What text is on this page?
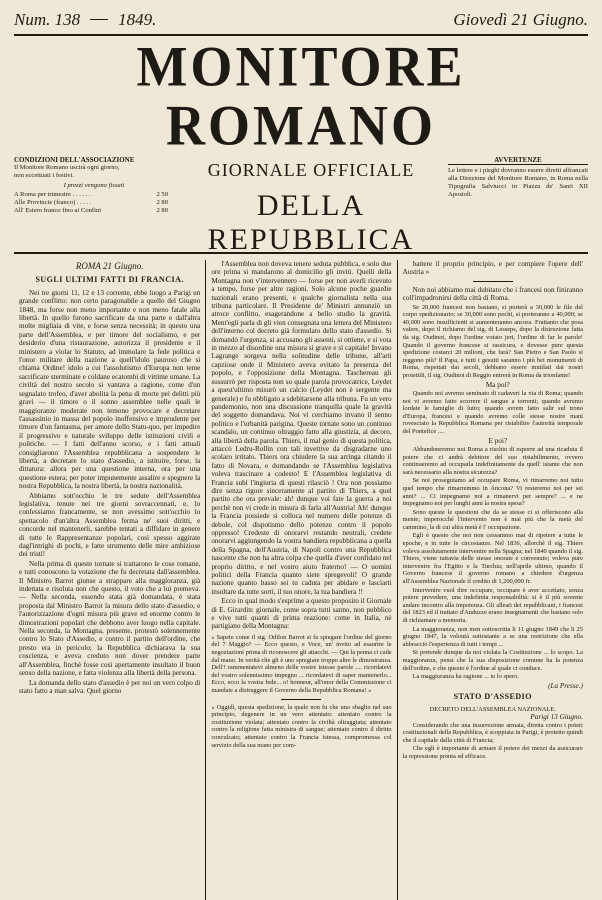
Num. 138 1849.	Giovedì 21 Giugno.
MONITORE ROMANO
CONDIZIONI DELL'ASSOCIAZIONE
Il Monitore Romano uscirà ogni giorno,
non eccettuati i festivi.
I prezzi vengono fissati
A Roma per trimestre . . . . . .	2 50
Alle Provincie (franco) . . . . .	2 80
All' Estero franco fino ai Confini	2 80
GIORNALE OFFICIALE
DELLA REPUBBLICA
AVVERTENZE
Le lettere e i pieghi dovranno essere diretti affrancati alla Direzione del Monitore Romano, in Roma nella Tipografia Salviucci in Piazza de' Santi XII Apostoli.
ROMA 21 Giugno.
SUGLI ULTIMI FATTI DI FRANCIA.

Nei tre giorni 11, 12 e 13 corrente, ebbe luogo a Parigi un grande conflitto: non certo paragonabile a quello del Giugno 1848, ma forse non meno importante e non meno fatale alla libertà. In quello furono sacrificate da una parte e dall'altra molte migliaia di vite, e forse senza necessità; in questo una parte dell'Assemblea, e per timore del socialismo, e per desiderio d'una ristaurazione, autorizza il presidente e il ministero a violar lo Statuto, ad immolare la fede politica e l'onor militare della nazione a quell'idolo pauroso che si chiama Ordine! idolo a cui l'assolutismo d'Europa non teme sacrificare sterminate e coldane ecatombi di vittime umane. La civiltà del nostro secolo si vantava a ragione, come d'un segnalato trofeo, d'aver abolita la pena di morte pei delitti più gravi — il timore o il sonno assemblee nelle quali le maggioranze moderate non temono provocare e decretare l'assassinio in massa del popolo inoffensivo e imprudente per timore d'un fantasma, per amore dello Statu-quo, per impedire il progressivo e naturale sviluppo delle istituzioni civili e politiche. — I fatti dell'anno scorso, e i fatti attuali consigliarono l'Assemblea repubblicana a sospendere le libertà, a decretare lo stato d'assedio, a istituire, forse, la dittatura: allora per una questione interna, ora per una questione estera; per poter impunemente assalire e spegnere la nostra Repubblica, la nostra libertà, la nostra nazionalità.

Abbiamo sott'occhio le tre sedute dell'Assemblea legislativa, tenute nei tre giorni sovraccennati, e, lo confessiamo francamente, se non avessimo sott'occhio lo spettacolo d'un'altra Assemblea ferma ne' suoi diritti, e concorde nel mantenerli, sarebbe tentati a diffidare in genere di tutte le Rappresentanze popolari, così spesso aggirate dagl'intrighi di pochi, e fatte strumento delle mire ambiziose dei tristi!

Nella prima di queste tornate si trattarono le cose romane, e tutti conoscono la votazione che fu decretata dall'assemblea. Il Ministro Barrot giunse a strappare alla maggioranza, già indettata e risoluta non che questo, il voto che a lui premeva. — Nella seconda, essendo stata già domandata, è stata proposta dal Ministro Barrot la misura dello stato d'assedio, e l'autorizzazione d'ogni misura più grave ed enorme contro le dimostrazioni popolari che debbono aver luogo nella capitale. Nella seconda, la Montagna, presente, protestò solennemente contro lo Stato d'Assedio, e contro il partito dell'ordine, che presto era in pericolo; la Repubblica dichiarava la sua coscienza, e aveva creduto non dover prendere parte all'Assemblea, finchè fosse così apertamente insultato il buon senso della nazione, e fatta violenza alla libertà della persona.

La domanda dello stato d'assedio è per noi un vero colpo di stato fatto a man salva. Quel giorno

l'Assemblea non doveva tenere seduta pubblica, e solo due ore prima si mandarono al domicilio gli inviti. Quelli della Montagna non v'intervennero — forse per non averli ricevuto a tempo, forse per altre ragioni. Solo alcune poche guardie nazionali erano presenti, e qualche giornalista nella sua tribuna particolare. Il Presidente de' Ministri annunziò un atroce conflitto, esagerandone a bello studio la gravità. Ment'egli parla di gli vien consegnata una lettera del Ministero dell'interno col decreto già formulato dello stato d'assedio. Si domandò l'urgenza, si accusano gli assenti, si ottiene, e si vota in mezzo al disordine una misura sì grave e sì capitale! Invano Lagrange sorgeva nella solitudine delle tribune, all'arti capziose onde il Ministero aveva evitato la presenza del popolo, e l'opposizione della Montagna. Taschereau gli sussurrò per risposta non so quale parola provocatrice, Leydet a quest'ultimo misurò un calcio (Leydet non è sergente ma generale) e fu obbligato a sdebitarsene alla tribuna. Fu un vero pandemonio, non una discussione tranquilla quale la gravità del soggetto domandava. Noi vi cerchiamo invano il senno politico e l'urbanità parigina. Queste tornate sono un continuo scandalo, un continuo oltraggio fatto alla giustizia, al decoro, alla libertà della parola. Thiers, il mal genio di questa politica, attaccò Ledru-Rollin con tali invettive da disgradarne uno scolaro irritato. Thiers ora chiudere la sua arringa citando il fatto di Novara, e domandando se l'Assemblea legislativa voleva trascinare a codesto! E l'Assemblea legislativa di Francia subì l'ingiuria di questi rilasciò ! Ora non possiamo dire senza rigore sinceramente al partito di Thiers, a quel partito che ora prevale: ah! dunque voi fate la guerra a noi perchè non vi crede in misura di farla all'Austria! Ah! dunque la Francia possiede si colloca nel numero delle potenze di debole, col dispotismo dello potenze contro il popolo oppresso! Credeste di onorarvi restando neutrali, credete onorarvi aggiungendo la vostra bandiera repubblicana a quella della Spagna, dell'Austria, di Napoli contro una Repubblica nascente che non ha altra colpa che quella d'aver confidato nel proprio diritto, e nel vostro aiuto fraterno! — O uomini politici della Francia quanto siete spregevoli! O grande nazione quanto basso sei tu caduta per abidare e lasciarti insultare da tutte sorti, il tuo onore, la tua bandiera !!

Ecco in qual modo s'esprime a questo proposito il Giornale di E. Girardin: giornale, come sopra tutti sanno, non pubblico e vive tutti quanti di prima reazione: come in Italia, nè partigiano della Montagna:

« Sapete come il sig. Odilon Barrot si fa spiegare l'ordine del giorno del 7 Maggio? — Ecco questo, e Voce, un' invito ad esaurire le negoziazioni prima di riconoscere gli attacchi. — Qui la penna ci cade dal mano. In verità che gli è uno spregiare troppo altre le dimostranza. Dell'! rammentatevi almeno delle vostre istesse parole .... ricordatevi del vostro solennissimo impegno ... ricordatevi di saper mantenerlo... Ecco, ecco la vostra fede... o! honneur, all'onor della Commissione ci mandate a distruggere il Governo della Repubblica Romana! »
« Oggidì, questa spedizione, la quale non fu che uno sbaglio nel suo principio, degenere in un vero attentato: attentato contro la costituzione violata; attentato contro la civiltà oltraggiata; attentato contro la religione fatta ministra di sangue; attentato contro il diritto conculcato; attentato contro la Francia istessa, compromessa col servizio della sua mano per com-

battere il proprio principio, e per compiere l'opere dell' Austria »

Non noi abbiamo mai dubitato che i francesi non finiranno coll'impadronirsi della città di Roma.

Se 20,000 francesi non bastano, si porterà a 30,000 le file del corpo spedizionario; se 30,000 sono pochi, si porteranno a 40,000; se 40,000 sono insufficienti si aumenteranno ancora. Frattanto che posa valere, dopo il richiamo del sig. di Lesseps, dopo la distruzione fatta da sig. Oudinot, dopo l'ordine votato jeri, l'ordine di far le parole! Quando il governo francese si rassicura, e dovesse pure questa spedizione costarci 20 milioni, che farà? San Pietro e San Paolo sì reggono più? Il Papa, e tutti i gesuiti saranno i più bei monumenti di Roma, rispettati dai secoli, debbano essere mutilati dai nostri proiettili, il sig. Oudinot di Reggio entrerà in Roma da trionfante!

Ma poi?

Quando noi avremo seminato di cadaveri la via di Roma; quando noi vi avremo fatto scorrere il sangue a torrenti; quando avremo lordate le famiglie di lutto; quando avrem fatto salir sul trono d'Europa, francesi e quando avremo colle stesse nostre mani rovesciato la Repubblica Romana per ristabilire l'autorità temporale del Pontefice ....

E poi?

Abbandoneremo noi Roma a rischio di esporre ad una ricaduta il potere che ci andrà debitore del suo ristabilimento, ovvero continueremo ad occuparla indefinitamente da quell' istante che non sarà necessario alla nostra sicurezza?

Se noi proseguiamo ad occupare Roma, vi rimarremo noi tutto quel tempo che rimarremmo in Ancona? Vi resteremo noi per sei anni? ... Ci impegnamo noi a rimanervi per sempre? ... e ne impegnamo noi per lunghi anni la nostra spesa?

Sono queste le questioni che da se stesse ci si offeriscono alla mente; imperocchè l'intervento non è mai più che la metà del cammino, la di cui altra metà è l' occupazione.

Egli è questo che noi non cessammo mai di ripetere a tutte le epoche, e in tutte le circostanze. Nel 1836, allorchè il sig. Thiers voleva assolutamente intervenire nella Spagna; nel 1840 quando il sig. Thiers, viene tuttavia delle stesse onorate e convenuto; voleva pure intervenire fra l'Egitto e la Turchia; nell'aprile ultimo, quando il Governo francese il governo romano a chiedere d'urgenza all'Assemblea Nazionale il credito di 1,200,000 fr.

Intervenire vuol dire occupare, occupare è aver accettato, senza potere prevedere, una indefinita responsabilità: si è il più sovente andare incontro alla impotenza. Gli alleati dei repubblicani, i francesi del 1823 ed il trattato d'Anduzze erano insegnamenti che bastano solo di richiamare a memoria.

La maggioranza, non men sottoscritta li 11 giugno 1849 che li 25 giugno 1847, la volontà sottostante a se una restrizione che ella abbracciò l'esperienza di tutti i tempi ...

Si pretende dunque da noi violata la Costituzione ... lo scopo. La maggioranza, pensi che la sua disposizione comune ha la potenza dell'ordine, e che questo è l'ordine al quale ci conduce.

La maggioranza ha ragione ... io lo spero.

(La Presse.)
STATO D'ASSEDIO
DECRETO DELL'ASSEMBLEA NAZIONALE.
Parigi 13 Giugno.

Considerando che una insurrezione armata, diretta contro i poteri costituzionali della Repubblica, è scoppiata in Parigi, è protetto quindi che il capitale dalla città di Francia;

Che egli è importante di armare il potere dei mezzi da assicurare la repressione pronta ed efficace.
